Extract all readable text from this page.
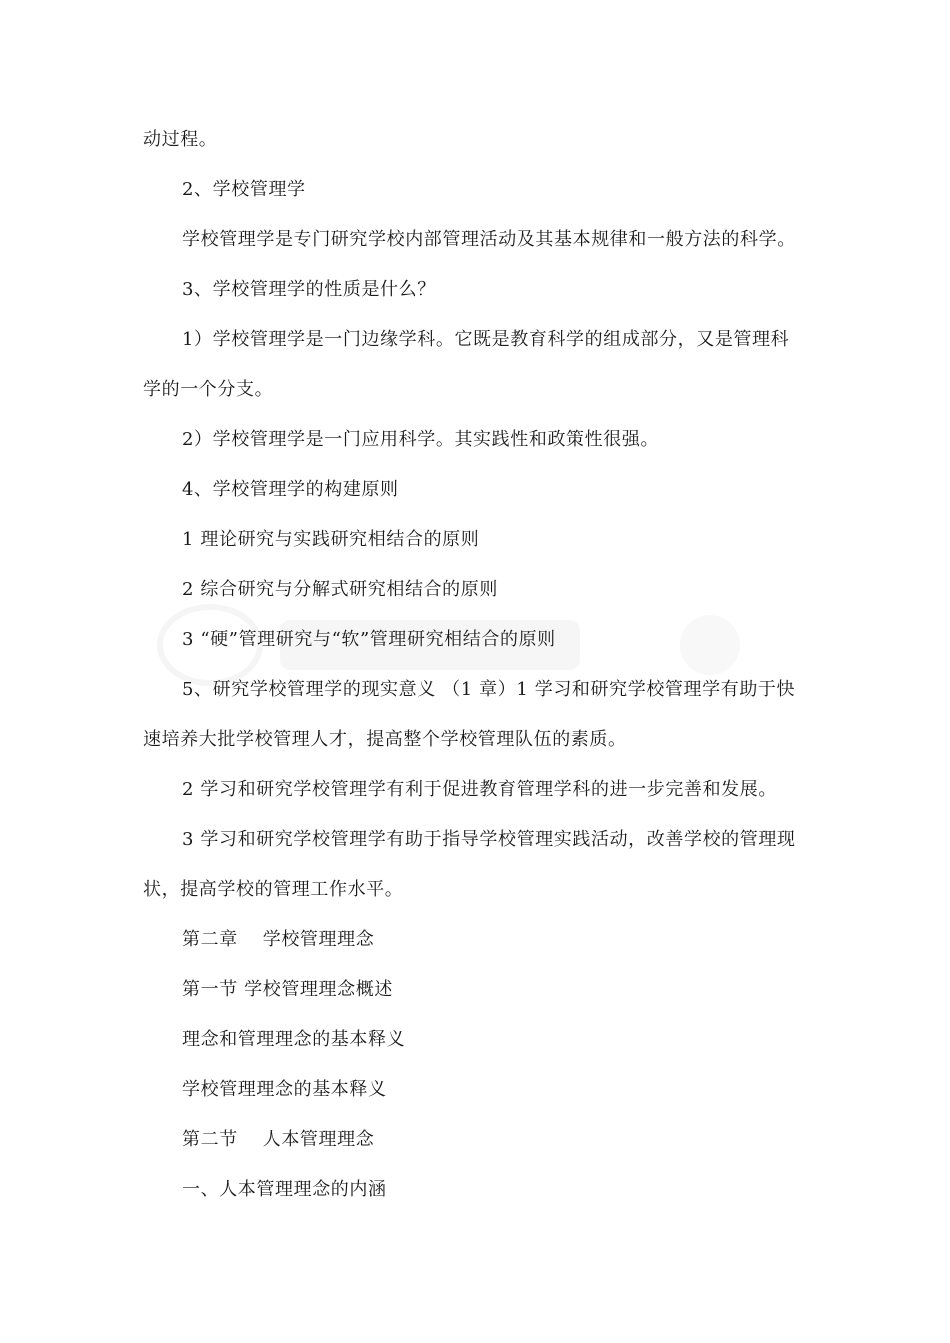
动过程。
2、学校管理学
学校管理学是专门研究学校内部管理活动及其基本规律和一般方法的科学。
3、学校管理学的性质是什么？
1）学校管理学是一门边缘学科。它既是教育科学的组成部分，又是管理科
学的一个分支。
2）学校管理学是一门应用科学。其实践性和政策性很强。
4、学校管理学的构建原则
1 理论研究与实践研究相结合的原则
2 综合研究与分解式研究相结合的原则
3 “硬”管理研究与“软”管理研究相结合的原则
5、研究学校管理学的现实意义 （1 章）1 学习和研究学校管理学有助于快
速培养大批学校管理人才，提高整个学校管理队伍的素质。
2 学习和研究学校管理学有利于促进教育管理学科的进一步完善和发展。
3 学习和研究学校管理学有助于指导学校管理实践活动，改善学校的管理现
状，提高学校的管理工作水平。
第二章 　学校管理理念
第一节 学校管理理念概述
理念和管理理念的基本释义
学校管理理念的基本释义
第二节 　人本管理理念
一、人本管理理念的内涵
